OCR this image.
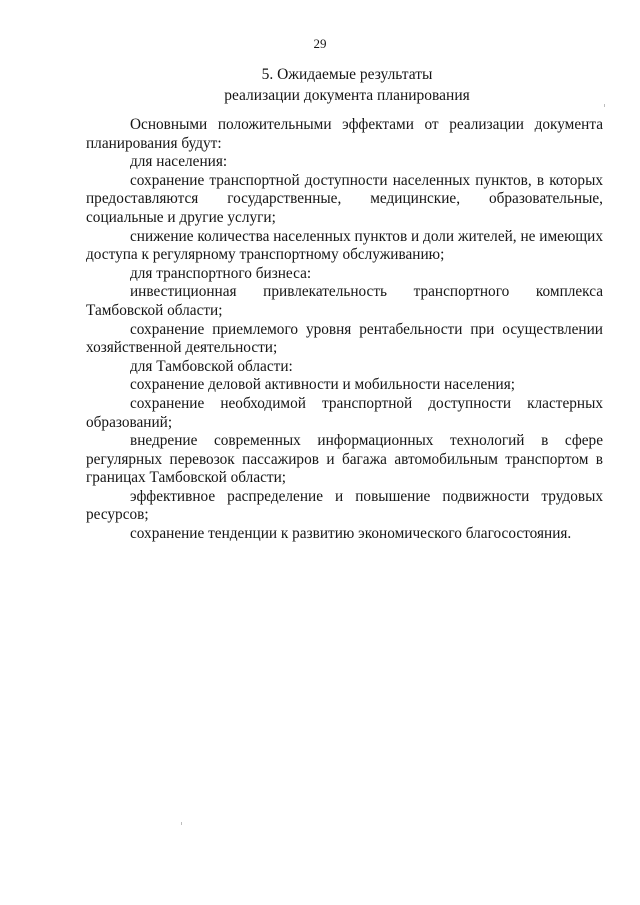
29
5. Ожидаемые результаты
реализации документа планирования

Основными положительными эффектами от реализации документа планирования будут:

для населения:

сохранение транспортной доступности населенных пунктов, в которых предоставляются государственные, медицинские, образовательные, социальные и другие услуги;

снижение количества населенных пунктов и доли жителей, не имеющих доступа к регулярному транспортному обслуживанию;

для транспортного бизнеса:

инвестиционная привлекательность транспортного комплекса Тамбовской области;

сохранение приемлемого уровня рентабельности при осуществлении хозяйственной деятельности;

для Тамбовской области:

сохранение деловой активности и мобильности населения;

сохранение необходимой транспортной доступности кластерных образований;

внедрение современных информационных технологий в сфере регулярных перевозок пассажиров и багажа автомобильным транспортом в границах Тамбовской области;

эффективное распределение и повышение подвижности трудовых ресурсов;

сохранение тенденции к развитию экономического благосостояния.
